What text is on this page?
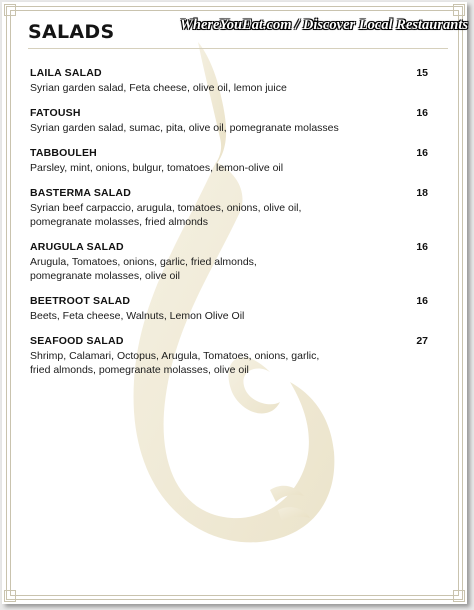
SALADS	WhereYouEat.com / Discover Local Restaurants
LAILA SALAD	15
Syrian garden salad, Feta cheese, olive oil, lemon juice
FATOUSH	16
Syrian garden salad, sumac, pita, olive oil, pomegranate molasses
TABBOULEH	16
Parsley, mint, onions, bulgur, tomatoes, lemon-olive oil
BASTERMA SALAD	18
Syrian beef carpaccio, arugula, tomatoes, onions, olive oil,
pomegranate molasses, fried almonds
ARUGULA SALAD	16
Arugula, Tomatoes, onions, garlic, fried almonds,
pomegranate molasses, olive oil
BEETROOT SALAD	16
Beets, Feta cheese, Walnuts, Lemon Olive Oil
SEAFOOD SALAD	27
Shrimp, Calamari, Octopus, Arugula, Tomatoes, onions, garlic,
fried almonds, pomegranate molasses, olive oil
